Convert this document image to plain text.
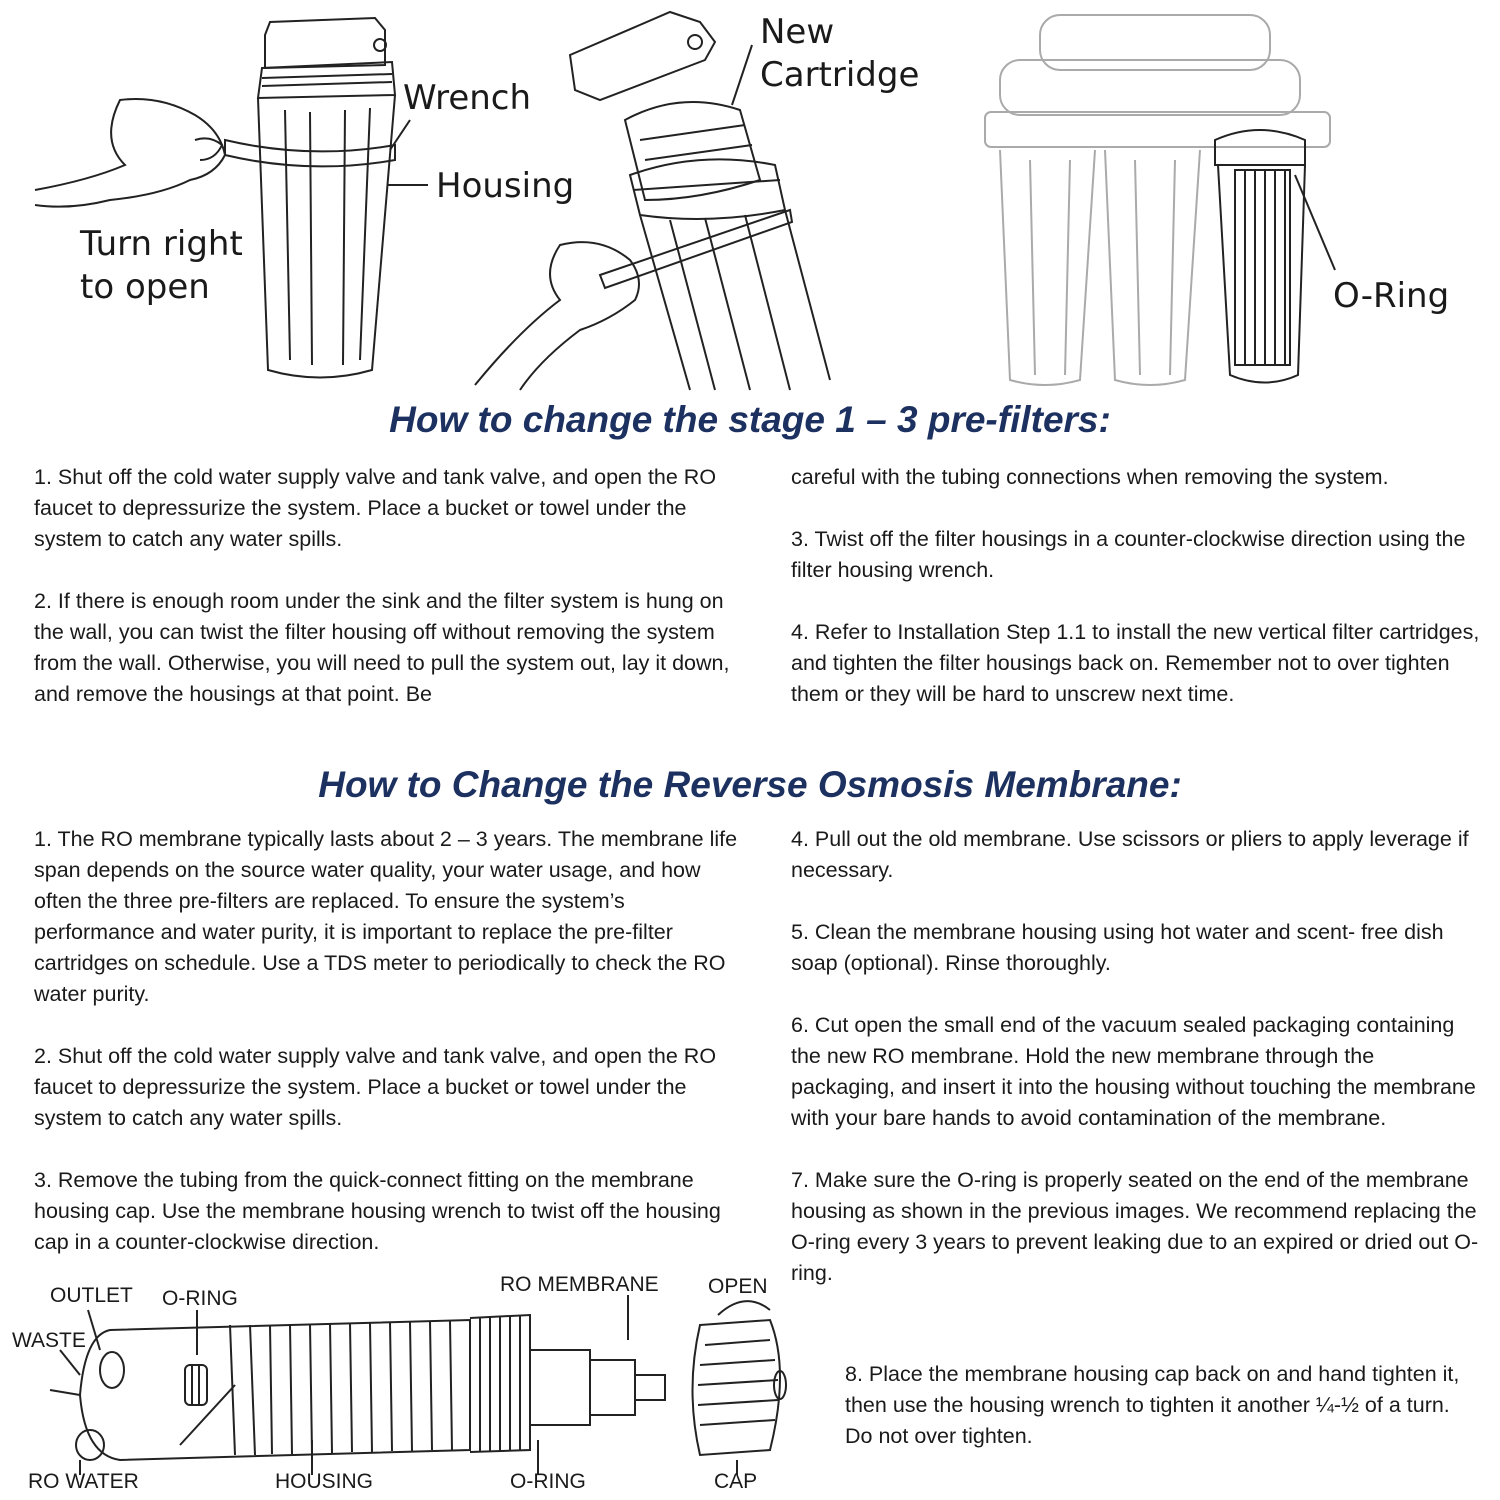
Wrench
Housing
Turn right
to open
New
Cartridge
O-Ring
How to change the stage 1 – 3 pre-filters:

1. Shut off the cold water supply valve and tank valve, and open the RO faucet to depressurize the system. Place a bucket or towel under the system to catch any water spills.

2. If there is enough room under the sink and the filter system is hung on the wall, you can twist the filter housing off without removing the system from the wall. Otherwise, you will need to pull the system out, lay it down, and remove the housings at that point. Be

careful with the tubing connections when removing the system.

3. Twist off the filter housings in a counter-clockwise direction using the filter housing wrench.

4. Refer to Installation Step 1.1 to install the new vertical filter cartridges, and tighten the filter housings back on. Remember not to over tighten them or they will be hard to unscrew next time.

How to Change the Reverse Osmosis Membrane:

1. The RO membrane typically lasts about 2 – 3 years. The membrane life span depends on the source water quality, your water usage, and how often the three pre-filters are replaced. To ensure the system’s performance and water purity, it is important to replace the pre-filter cartridges on schedule. Use a TDS meter to periodically to check the RO water purity.

2. Shut off the cold water supply valve and tank valve, and open the RO faucet to depressurize the system. Place a bucket or towel under the system to catch any water spills.

3. Remove the tubing from the quick-connect fitting on the membrane housing cap. Use the membrane housing wrench to twist off the housing cap in a counter-clockwise direction.

4. Pull out the old membrane. Use scissors or pliers to apply leverage if necessary.

5. Clean the membrane housing using hot water and scent- free dish soap (optional). Rinse thoroughly.

6. Cut open the small end of the vacuum sealed packaging containing the new RO membrane. Hold the new membrane through the packaging, and insert it into the housing without touching the membrane with your bare hands to avoid contamination of the membrane.

7. Make sure the O-ring is properly seated on the end of the membrane housing as shown in the previous images. We recommend replacing the O-ring every 3 years to prevent leaking due to an expired or dried out O-ring.

8. Place the membrane housing cap back on and hand tighten it, then use the housing wrench to tighten it another ¼-½ of a turn. Do not over tighten.

OUTLET O-RING
WASTE
RO MEMBRANE OPEN
RO WATER	HOUSING	O-RING	CAP
